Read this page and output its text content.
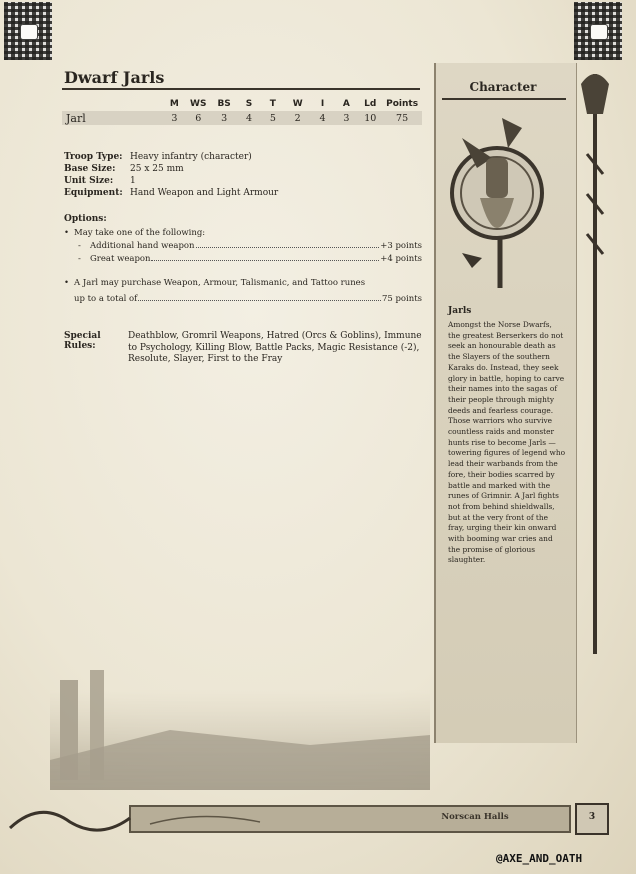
Dwarf Jarls
M	WS	BS	S	T	W	I	A	Ld	Points
Jarl	3	6	3	4	5	2	4	3	10	75
Troop Type: Heavy infantry (character)
Base Size:	25 x 25 mm
Unit Size:	1
Equipment: Hand Weapon and Light Armour
Options:
• May take one of the following:
- Additional hand weapon	+3 points
- Great weapon	+4 points
• A Jarl may purchase Weapon, Armour, Talismanic, and Tattoo runes
up to a total of	75 points
Special Rules:
Deathblow, Gromril Weapons, Hatred (Orcs & Goblins), Immune to Psychology, Killing Blow, Battle Packs, Magic Resistance (-2), Resolute, Slayer, First to the Fray
Character
Jarls
Amongst the Norse Dwarfs, the greatest Berserkers do not seek an honourable death as the Slayers of the southern Karaks do. Instead, they seek glory in battle, hoping to carve their names into the sagas of their people through mighty deeds and fearless courage. Those warriors who survive countless raids and monster hunts rise to become Jarls —towering figures of legend who lead their warbands from the fore, their bodies scarred by battle and marked with the runes of Grimnir. A Jarl fights not from behind shieldwalls, but at the very front of the fray, urging their kin onward with booming war cries and the promise of glorious slaughter.
Norscan Halls	3
@AXE_AND_OATH
